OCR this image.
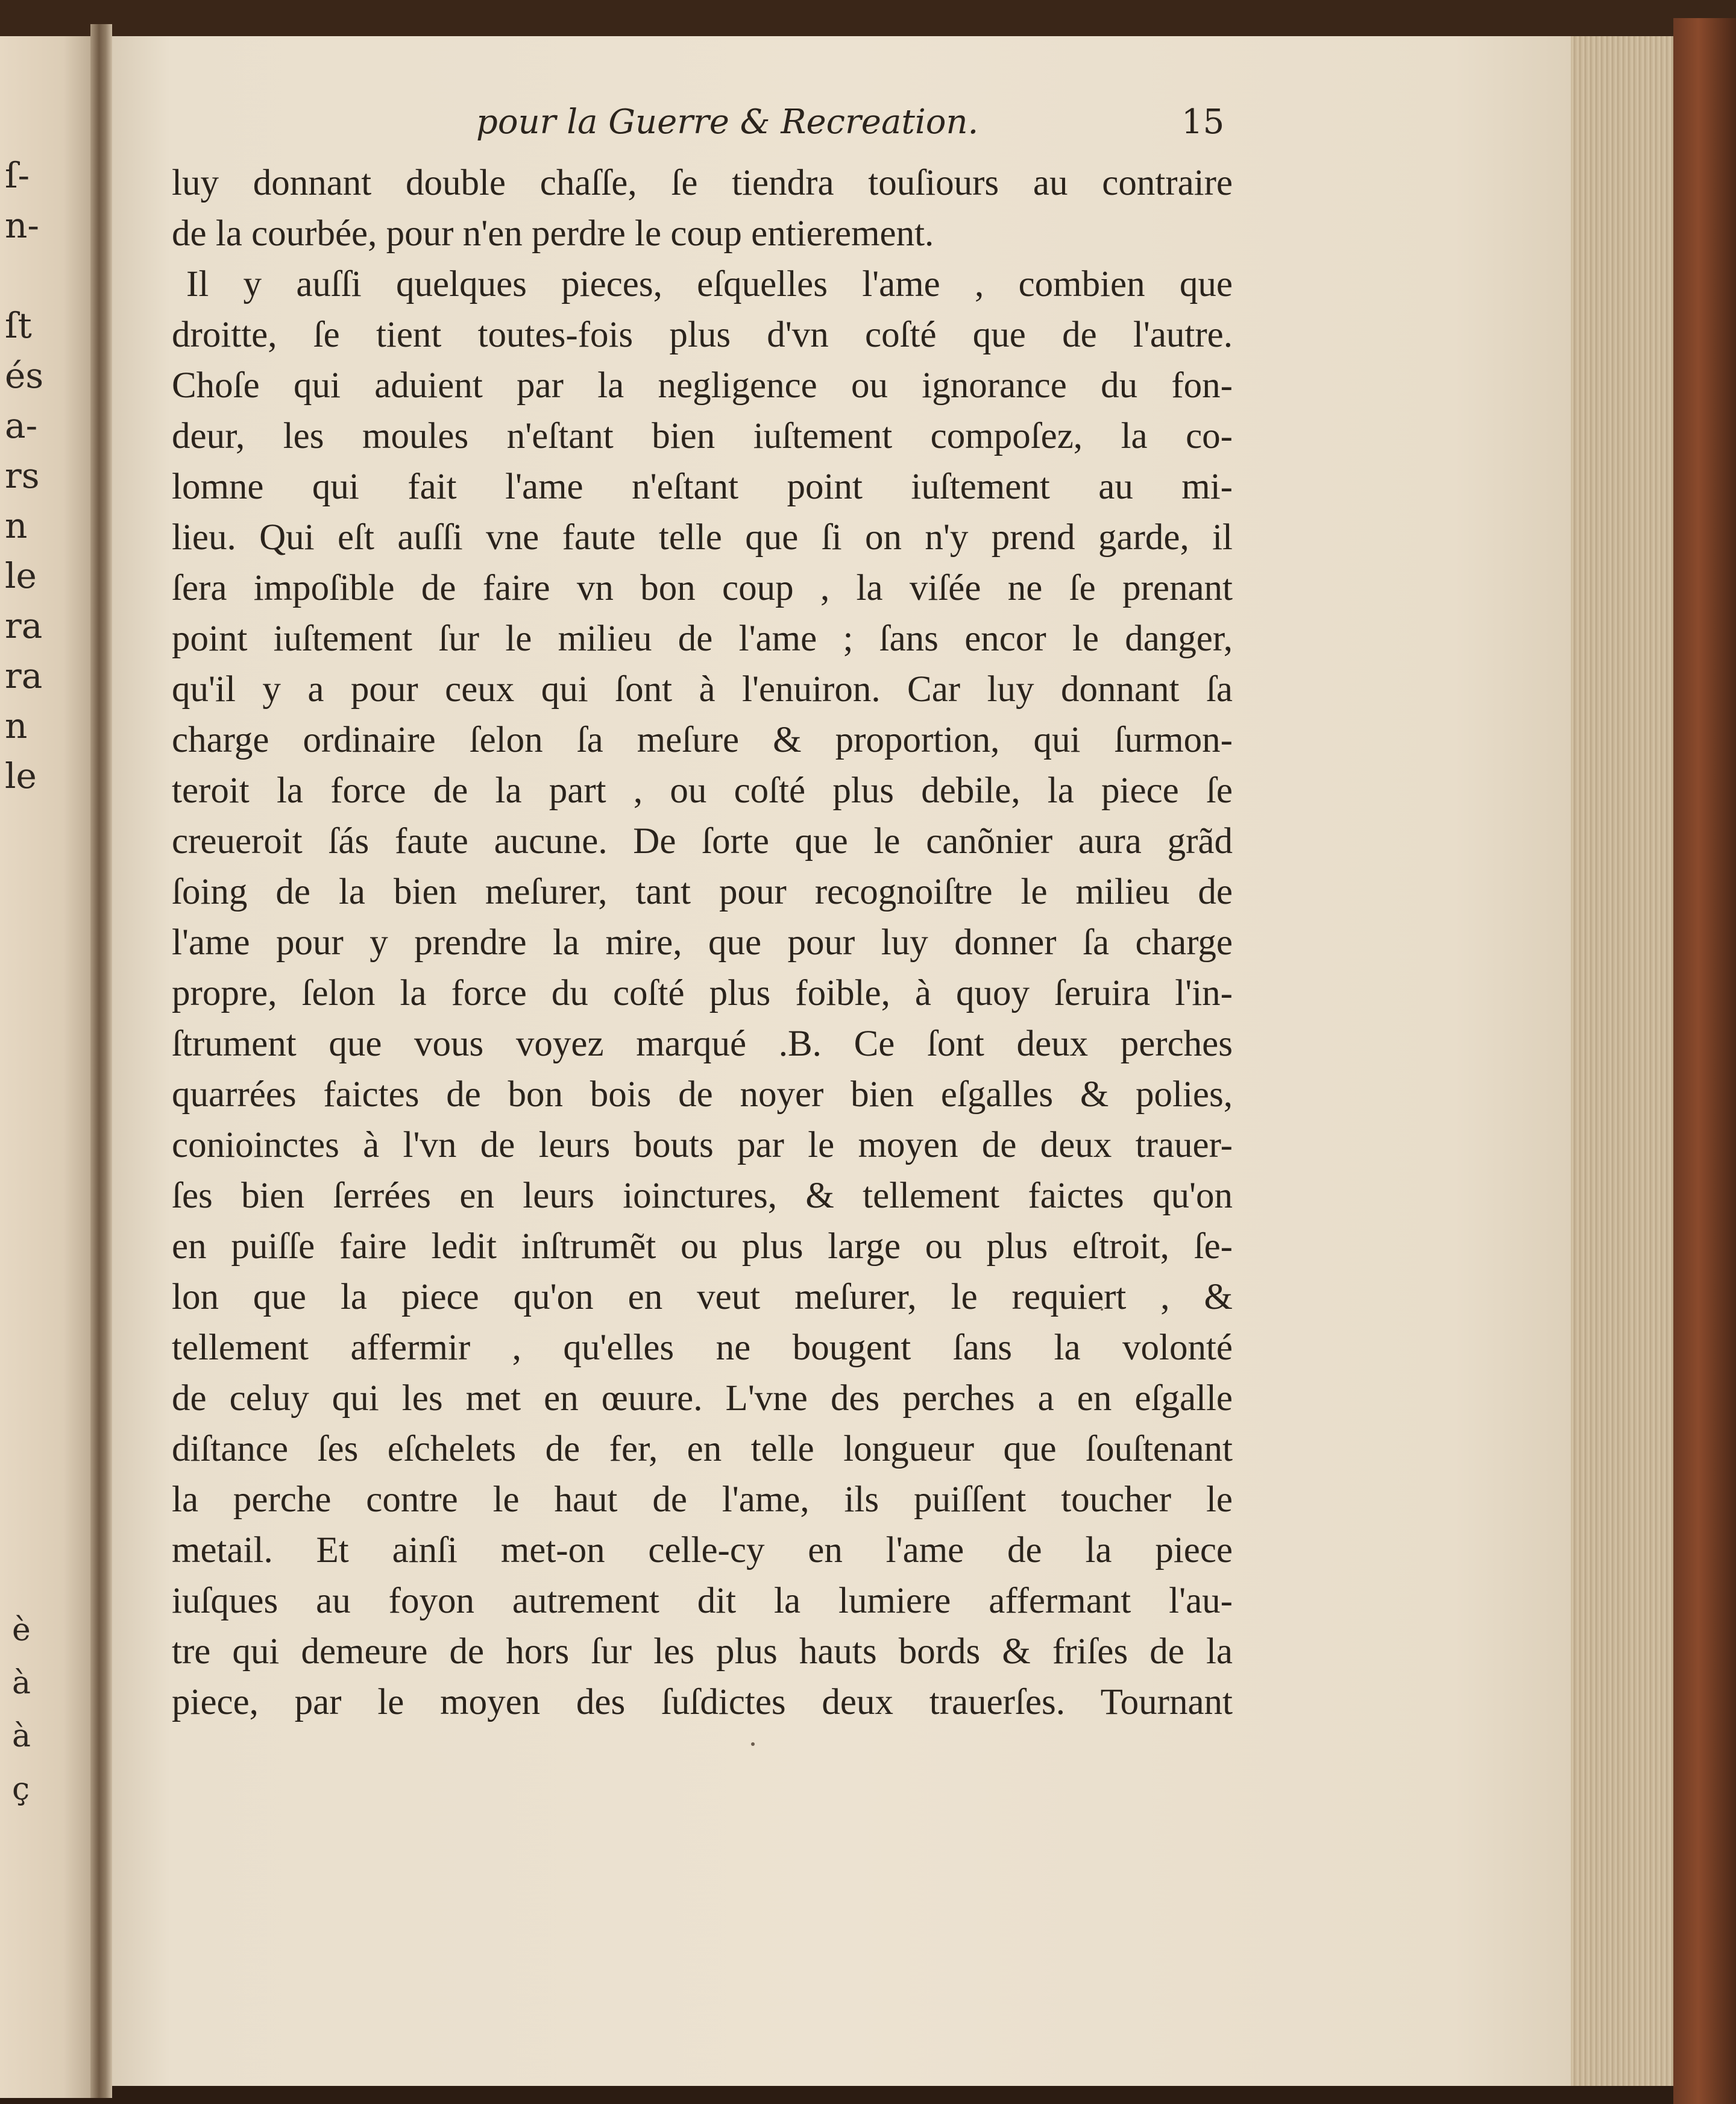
ſ-
n-
ſt
és
a-
rs
n
le
ra
ra
n
le
è
à
à
ç
pour la Guerre & Recreation.	15
luy donnant double chaſſe, ſe tiendra touſiours au contraire
de la courbée, pour n'en perdre le coup entierement.
Il y auſſi quelques pieces, eſquelles l'ame , combien que
droitte, ſe tient toutes-fois plus d'vn coſté que de l'autre.
Choſe qui aduient par la negligence ou ignorance du fon-
deur, les moules n'eſtant bien iuſtement compoſez, la co-
lomne qui fait l'ame n'eſtant point iuſtement au mi-
lieu. Qui eſt auſſi vne faute telle que ſi on n'y prend garde, il
ſera impoſible de faire vn bon coup , la viſée ne ſe prenant
point iuſtement ſur le milieu de l'ame ; ſans encor le danger,
qu'il y a pour ceux qui ſont à l'enuiron. Car luy donnant ſa
charge ordinaire ſelon ſa meſure & proportion, qui ſurmon-
teroit la force de la part , ou coſté plus debile, la piece ſe
creueroit ſás faute aucune. De ſorte que le canõnier aura grãd
ſoing de la bien meſurer, tant pour recognoiſtre le milieu de
l'ame pour y prendre la mire, que pour luy donner ſa charge
propre, ſelon la force du coſté plus foible, à quoy ſeruira l'in-
ſtrument que vous voyez marqué .B. Ce ſont deux perches
quarrées faictes de bon bois de noyer bien eſgalles & polies,
conioinctes à l'vn de leurs bouts par le moyen de deux trauer-
ſes bien ſerrées en leurs ioinctures, & tellement faictes qu'on
en puiſſe faire ledit inſtrumẽt ou plus large ou plus eſtroit, ſe-
lon que la piece qu'on en veut meſurer, le requiert , &
tellement affermir , qu'elles ne bougent ſans la volonté
de celuy qui les met en œuure. L'vne des perches a en eſgalle
diſtance ſes eſchelets de fer, en telle longueur que ſouſtenant
la perche contre le haut de l'ame, ils puiſſent toucher le
metail. Et ainſi met-on celle-cy en l'ame de la piece
iuſques au foyon autrement dit la lumiere affermant l'au-
tre qui demeure de hors ſur les plus hauts bords & friſes de la
piece, par le moyen des ſuſdictes deux trauerſes. Tournant
